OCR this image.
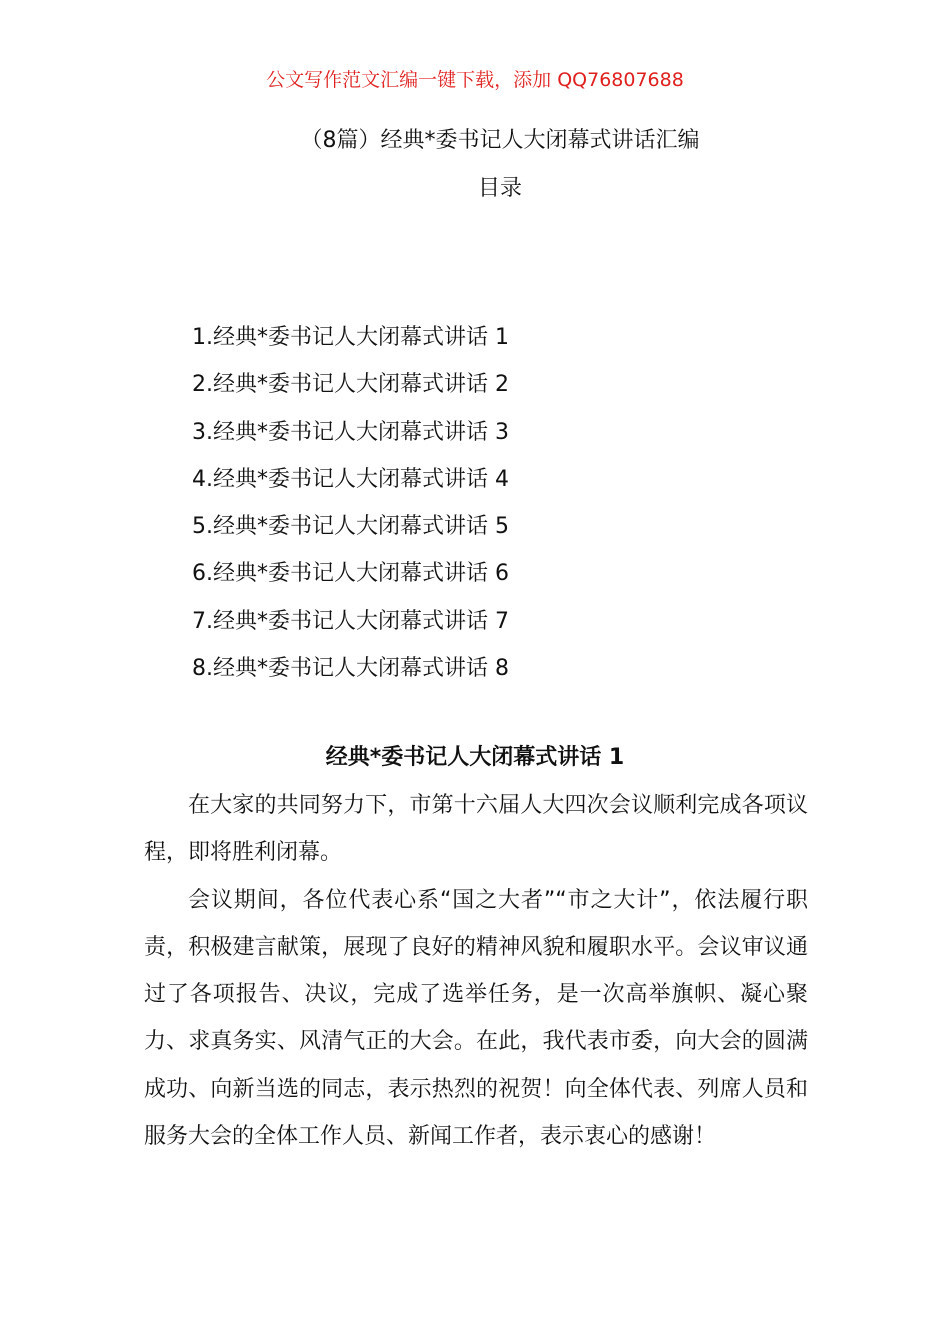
公文写作范文汇编一键下载，添加 QQ76807688
（8篇）经典*委书记人大闭幕式讲话汇编
目录
1.经典*委书记人大闭幕式讲话 1
2.经典*委书记人大闭幕式讲话 2
3.经典*委书记人大闭幕式讲话 3
4.经典*委书记人大闭幕式讲话 4
5.经典*委书记人大闭幕式讲话 5
6.经典*委书记人大闭幕式讲话 6
7.经典*委书记人大闭幕式讲话 7
8.经典*委书记人大闭幕式讲话 8
经典*委书记人大闭幕式讲话 1

在大家的共同努力下，市第十六届人大四次会议顺利完成各项议程，即将胜利闭幕。

会议期间，各位代表心系“国之大者”“市之大计”，依法履行职责，积极建言献策，展现了良好的精神风貌和履职水平。会议审议通过了各项报告、决议，完成了选举任务，是一次高举旗帜、凝心聚力、求真务实、风清气正的大会。在此，我代表市委，向大会的圆满成功、向新当选的同志，表示热烈的祝贺！向全体代表、列席人员和服务大会的全体工作人员、新闻工作者，表示衷心的感谢！
